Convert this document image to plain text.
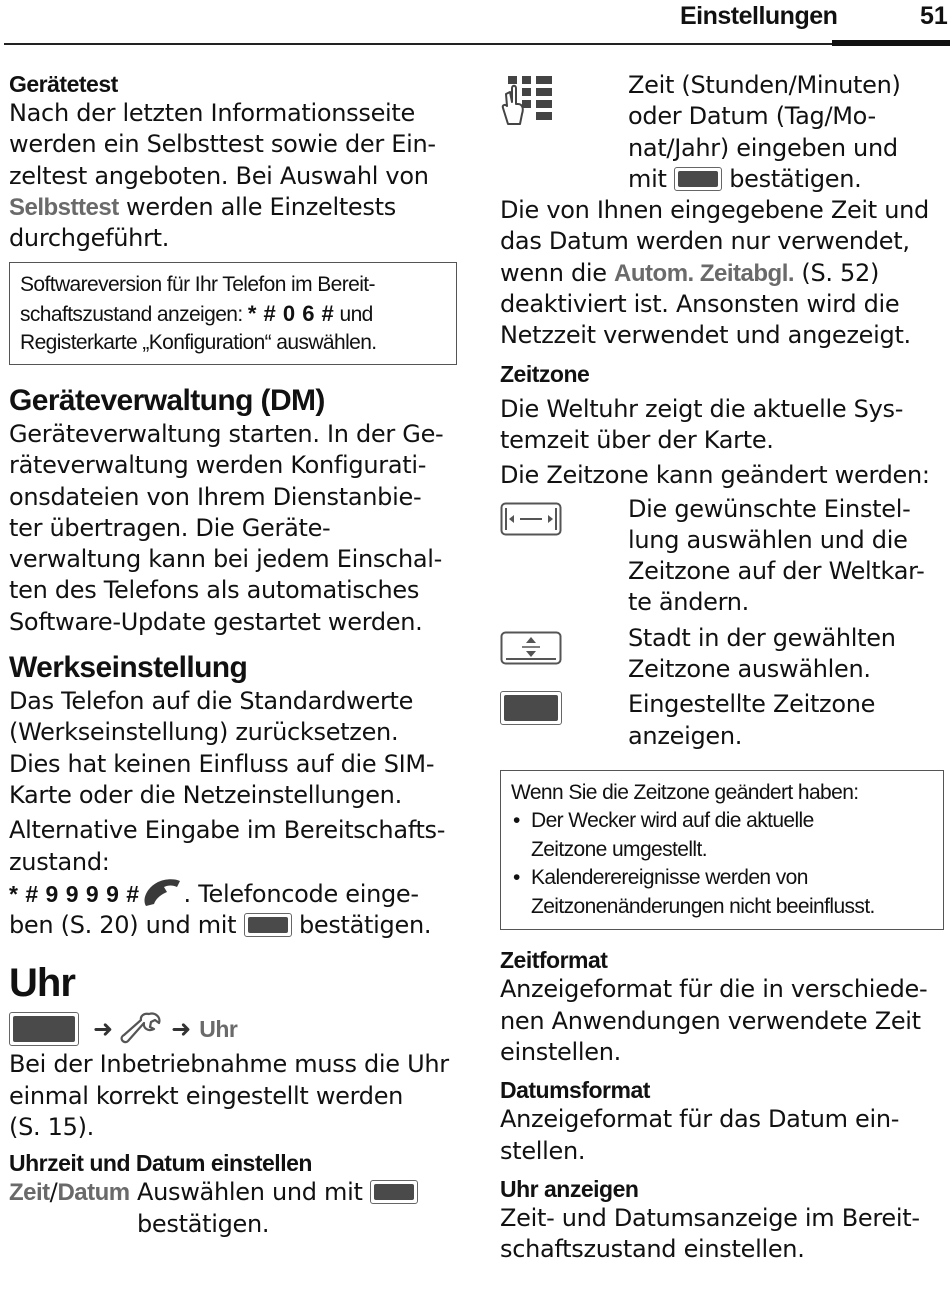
Einstellungen	51
Gerätetest

Nach der letzten Informationsseite

werden ein Selbsttest sowie der Ein-

zeltest angeboten. Bei Auswahl von

Selbsttest werden alle Einzeltests

durchgeführt.

Softwareversion für Ihr Telefon im Bereit-
schaftszustand anzeigen: * # 0 6 # und
Registerkarte „Konfiguration“ auswählen.
Geräteverwaltung (DM)

Geräteverwaltung starten. In der Ge-

räteverwaltung werden Konfigurati-

onsdateien von Ihrem Dienstanbie-

ter übertragen. Die Geräte-

verwaltung kann bei jedem Einschal-

ten des Telefons als automatisches

Software-Update gestartet werden.

Werkseinstellung

Das Telefon auf die Standardwerte

(Werkseinstellung) zurücksetzen.

Dies hat keinen Einfluss auf die SIM-

Karte oder die Netzeinstellungen.

Alternative Eingabe im Bereitschafts-

zustand:

* # 9 9 9 9 # . Telefoncode einge-

ben (S. 20) und mit  bestätigen.

Uhr
➜ ➜ Uhr

Bei der Inbetriebnahme muss die Uhr

einmal korrekt eingestellt werden

(S. 15).

Uhrzeit und Datum einstellen
Zeit/Datum Auswählen und mit

bestätigen.

Zeit (Stunden/Minuten)

oder Datum (Tag/Mo-

nat/Jahr) eingeben und

mit  bestätigen.

Die von Ihnen eingegebene Zeit und

das Datum werden nur verwendet,

wenn die Autom. Zeitabgl. (S. 52)

deaktiviert ist. Ansonsten wird die

Netzzeit verwendet und angezeigt.

Zeitzone

Die Weltuhr zeigt die aktuelle Sys-

temzeit über der Karte.

Die Zeitzone kann geändert werden:

Die gewünschte Einstel-

lung auswählen und die

Zeitzone auf der Weltkar-

te ändern.

Stadt in der gewählten

Zeitzone auswählen.

Eingestellte Zeitzone

anzeigen.

Wenn Sie die Zeitzone geändert haben:
• Der Wecker wird auf die aktuelle
Zeitzone umgestellt.
• Kalenderereignisse werden von
Zeitzonenänderungen nicht beeinflusst.
Zeitformat

Anzeigeformat für die in verschiede-

nen Anwendungen verwendete Zeit

einstellen.

Datumsformat

Anzeigeformat für das Datum ein-

stellen.

Uhr anzeigen

Zeit- und Datumsanzeige im Bereit-

schaftszustand einstellen.
